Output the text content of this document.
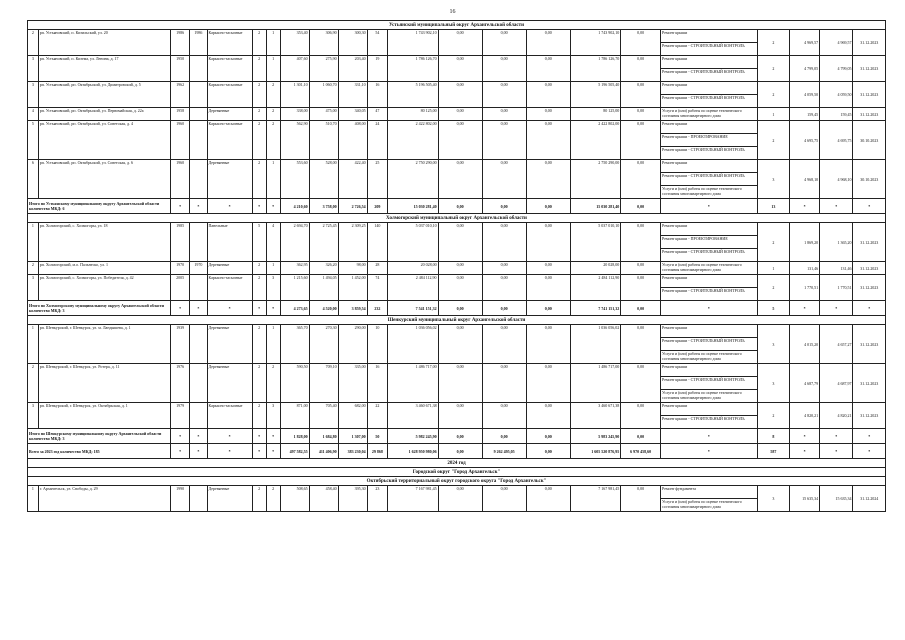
16
Устьянский муниципальный округ Архангельской области																					
2	рп. Устьяновский, п. Кизильский, ул. 20	1986	1986	Каркасно-засыпные	2	1	353,40	306,90	300,30	54	1 743 902,10	0,00	0,00	0,00	1 743 902,10	0,00	Ремонт крыши	2	4 969,57	4 969,57	31.12.2023
																	Ремонт крыши - СТРОИТЕЛЬНЫЙ КОНТРОЛЬ				
3	рп. Устьяновский, п. Кизема, ул. Ленина, д. 17	1950		Каркасно-засыпные	2	1	407,60	275,90	203,40	19	1 786 126,70	0,00	0,00	0,00	1 786 126,70	0,00	Ремонт крыши	2	4 799,05	4 799,05	31.12.2023
																	Ремонт крыши - СТРОИТЕЛЬНЫЙ КОНТРОЛЬ				
3	рп. Устьяновский, рп. Октябрьский, ул. Димитровский, д. 5	1962		Каркасно-засыпные	2	2	1 301,10	1 060,70	331,10	16	5 196 505,40	0,00	0,00	0,00	5 196 505,40	0,00	Ремонт крыши	2	4 059,50	4 059,50	31.12.2023
																	Ремонт крыши - СТРОИТЕЛЬНЫЙ КОНТРОЛЬ				
4	рп. Устьяновский, рп. Октябрьский, ул. Первомайская, д. 22а	1958		Деревянные	2	2	338,00	475,00	340,05	47	80 125,00	0,00	0,00	0,00	80 125,00	0,00	Услуги и (или) работы по оценке технического состояния многоквартирного дома	1	159,45	159,45	31.12.2023
5	рп. Устьяновский, рп. Октябрьский, ул. Советская, д. 4	1960		Каркасно-засыпные	2	2	562,90	510,70	408,00	24	2 422 802,00	0,00	0,00	0,00	2 422 802,00	0,00	Ремонт крыши	2	4 695,75	4 695,75	30.10.2023
																	Ремонт крыши - ПРОЕКТИРОВАНИЕ				
																	Ремонт крыши - СТРОИТЕЛЬНЫЙ КОНТРОЛЬ				
6	рп. Устьяновский, рп. Октябрьский, ул. Советская, д. 6	1960		Деревянные	2	1	553,60	528,00	422,40	25	2 750 290,00	0,00	0,00	0,00	2 750 290,00	0,00	Ремонт крыши	3	4 968,10	4 968,10	30.10.2023
																	Ремонт крыши - СТРОИТЕЛЬНЫЙ КОНТРОЛЬ				
																	Услуги и (или) работы по оценке технического состояния многоквартирного дома				
Итого по Устьянскому муниципальному округу Архангельской области количество МКД: 6		*	*	*	*	*	4 210,60	3 758,00	2 726,54	209	15 030 281,40	0,00	0,00	0,00	15 030 281,40	0,00	*	13	*	*	*
Холмогорский муниципальный округ Архангельской области																					
1	рп. Холмогорский, с. Холмогоры, ул. 18	1985		Панельные	5	4	2 694,70	2 725,45	2 309,25	140	5 037 010,10	0,00	0,00	0,00	5 037 010,10	0,00	Ремонт крыши	2	1 869,20	1 365,20	31.12.2023
																	Ремонт крыши - ПРОЕКТИРОВАНИЕ				
																	Ремонт крыши - СТРОИТЕЛЬНЫЙ КОНТРОЛЬ				
2	рп. Холмогорский, м.о. Пальнеско, ул. 1	1970	1970	Деревянные	2	1	362,95	326,20	98,00	28	20 028,00	0,00	0,00	0,00	20 028,00	0,00	Услуги и (или) работы по оценке технического состояния многоквартирного дома	1	131,46	131,46	31.12.2023
3	рп. Холмогорский, с. Холмогоры, ул. Победителя, д. 42	2005		Каркасно-засыпные	2	3	1 215,60	1 494,05	1 452,00	74	2 484 112,90	0,00	0,00	0,00	2 484 112,90	0,00	Ремонт крыши	2	1 770,51	1 770,51	31.12.2023
																	Ремонт крыши - СТРОИТЕЛЬНЫЙ КОНТРОЛЬ				
Итого по Холмогорскому муниципальному округу Архангельской области количество МКД: 3		*	*	*	*	*	4 273,65	4 520,00	3 859,54	232	7 541 151,32	0,00	0,00	0,00	7 741 151,32	0,00	*	5	*	*	*
Шенкурский муниципальный округ Архангельской области																					
1	рп. Шенкурский, г. Шенкурск, ул. м. Ландышева, д. 1	1939		Деревянные	2	1	365,70	270,30	290,00	10	1 036 056,02	0,00	0,00	0,00	1 036 056,02	0,00	Ремонт крыши	3	4 015,20	4 657,27	31.12.2023
																	Ремонт крыши - СТРОИТЕЛЬНЫЙ КОНТРОЛЬ				
																	Услуги и (или) работы по оценке технического состояния многоквартирного дома				
2	рп. Шенкурский, г. Шенкурск, ул. Ротера, д. 11	1976		Деревянные	2	2	590,50	709,10	335,00	16	1 486 717,00	0,00	0,00	0,00	1 486 717,00	0,00	Ремонт крыши	3	4 687,79	4 687,97	31.12.2023
																	Ремонт крыши - СТРОИТЕЛЬНЫЙ КОНТРОЛЬ				
																	Услуги и (или) работы по оценке технического состояния многоквартирного дома				
3	рп. Шенкурский, г. Шенкурск, ул. Октябрьская, д. 1	1979		Каркасно-засыпные	2	3	871,00	705,40	682,00	22	3 460 671,38	0,00	0,00	0,00	3 460 671,38	0,00	Ремонт крыши	2	4 820,21	4 820,21	31.12.2023
																	Ремонт крыши - СТРОИТЕЛЬНЫЙ КОНТРОЛЬ				
Итого по Шенкурскому муниципальному округу Архангельской области количество МКД: 3		*	*	*	*	*	1 828,00	1 684,80	1 307,00	50	5 982 245,90	0,00	0,00	0,00	5 983 245,90	0,00	*	8	*	*	*
Всего за 2023 год количество МКД: 185		*	*	*	*	*	497 582,55	411 406,90	383 230,04	29 868	1 628 950 980,06	0,00	9 262 495,05	0,00	1 605 520 876,95	6 970 458,60	*	587	*	*	*
2024 год																					
Городской округ "Город Архангельск"																					
Октябрьский территориальный округ городского округа "Город Архангельск"																					
1	г. Архангельск, ул. Свободы, д. 29	1990		Деревянные	2	2	508,65	458,40	395,30	23	7 167 981,45	0,00	0,00	0,00	7 167 981,45	0,00	Ремонт фундамента	3	15 635,34	15 635,34	31.12.2024
																	Услуги и (или) работы по оценке технического состояния многоквартирного дома				
